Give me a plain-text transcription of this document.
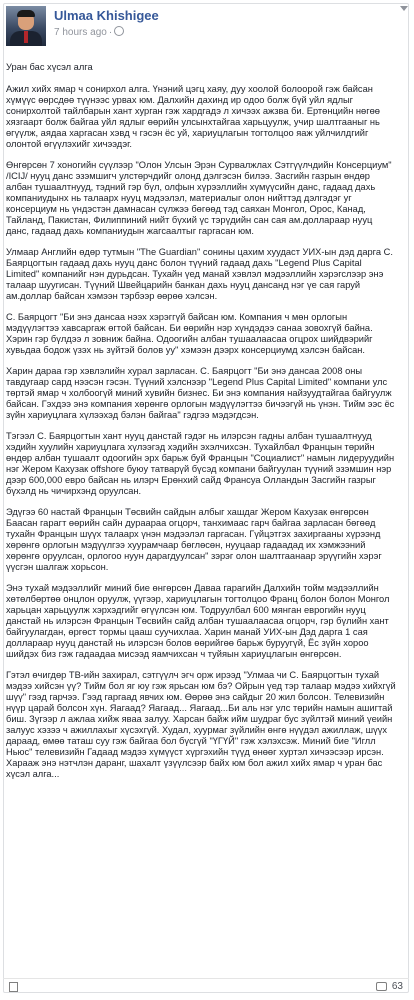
Ulmaa Khishigee
7 hours ago ·

Уран бас хүсэл алга

Ажил хийх ямар ч сонирхол алга. Үнэний цэгц хаяу, дуу хоолой болоорой гэж байсан хүмүүс өөрсдөө түүнээс урвах юм. Далхийн дахинд ир одоо болж бүй уйл ядлыг сонирхолтой тайлбарын хант хурган гэж хардгадэ л хичээх ажзва би. Ертөнцийн нөгөө хязгаарт болж байгаа уйл ядлыг өөрийн улсынхтайгаа харьцуулж, учир шалтгааныг нь өгүүлж, аядаа харгасан хэвд ч гэсэн ёс уй, хариуцлагын тогтолцоо яаж уйлчилдгийг олонтой өгүүлэхийг хичээдэг.

Өнгөрсөн 7 хоногийн сүүлээр "Олон Улсын Эрэн Сурвалжлах Сэтгүүлчдийн Консерциум" /ICIJ/ нууц данс эзэмшигч улстөрчдийг олонд дэлгэсэн билээ. Засгийн газрын өндөр албан тушаалтнууд, тэдний гэр бүл, олфын хүрээллийн хүмүүсийн данс, гадаад дахь компаниудынх нь талаарх нууц мэдээлэл, материалыг олон нийттэд дэлгэдэг уг консерциум нь үндэстэн дамнасан сүлжээ бөгөөд тэд саяхан Монгол, Орос, Канад, Тайланд, Пакистан, Филиппиний нийт бүхий үс тэрүдийн сан сая ам.доллараар нууц данс, гадаад дахь компаниудын жагсаалтыг гаргасан юм.

Улмаар Английн өдөр тутмын "The Guardian" сонины цахим хуудаст УИХ-ын дэд дарга С. Баярцогтын гадаад дахь нууц данс болон түүний гадаад дахь "Legend Plus Capital Limited" компанийг нэн дурьдсан. Тухайн үед манай хэвлэл мэдээллийн хэрэгслээр энэ талаар шуугисан. Түүний Швейцарийн банкан дахь нууц дансанд нэг үе сая гаруй ам.доллар байсан хэмээн тэрбээр өөрөө хэлсэн.

С. Баярцогт "Би энэ дансаа нээх хэрэггүй байсан юм. Компания ч мөн орлогын мэдүүлэгтээ хавсаргаж өгтой байсан. Би өөрийн нэр хүндэдээ санаа зовохгүй байна. Хэрин гэр бүлдээ л зовниж байна. Одоогийн албан тушаалаасаа огцрох шийдвэрийг хувьдаа бодож үзэх нь зүйтэй болов уу" хэмээн дээрх консерциумд хэлсэн байсан.

Харин дараа гэр хэвлэлийн хурал зарласан. С. Баярцогт "Би энэ дансаа 2008 оны тавдугаар сард нээсэн гэсэн. Түүний хэлснээр "Legend Plus Capital Limited" компани улс төртэй ямар ч холбоогүй миний хувийн бизнес. Би энэ компания найзуудтайгаа байгуулж байсан. Гэхдээ энэ компания хөрөнгө орлогын мэдүүлэгтээ бичээгүй нь үнэн. Тийм ээс ёс зүйн хариуцлага хүлээхэд бэлэн байгаа" гэдгээ мэдэгдсэн.

Тэгээл С. Баярцогтын хант нууц данстай гэдэг нь илэрсэн гадны албан тушаалтнууд хэдийн хуулийн хариуцлага хүлээгэд хэдийн эхэлчихсэн. Тухайлбал Францын төрийн өндөр албан тушаалт одоогийн эрх барьж буй Францын "Социалист" намын лидеруудийн нэг Жером Кахузак offshore буюу татварүй бүсэд компани байгуулан түүний эзэмшин нэр дээр 600,000 евро байсан нь илэрч Ерөнхий сайд Франсуа Олландын Засгийн газрыг бүхэлд нь чичирхэнд оруулсан.

Эдүгээ 60 настай Францын Төсвийн сайдын албыг хашдаг Жером Кахузак өнгөрсөн Баасан гарагт өөрийн сайн дураараа огцорч, танхимаас гарч байгаа зарласан бөгөөд тухайн Францын шүүх талаарх үнэн мэдээлэл гаргасан. Гүйцэтгэх захиргааны хүрээнд хөрөнгө орлогын мэдүүлгээ хуурамчаар бөглөсөн, нууцаар гадаадад их хэмжээний хөрөнгө оруулсан, орлогоо нуун дарагдуулсан" зэрэг олон шалтгаанаар эрүүгийн хэрэг үүсгэн шалгаж хорьсон.

Энэ тухай мэдээллийг миний бие өнгөрсөн Даваа гарагийн Далхийн тойм мэдээллийн хөтөлбөртөө онцлон оруулж, үүгээр, хариуцлагын тогтолцоо Франц болон болон Монгол харьцан харьцуулж хэрхэдгийг өгүүлсэн юм. Тодруулбал 600 мянган еврогийн нууц данстай нь илэрсэн Францын Төсвийн сайд албан тушаалаасаа огцорч, гэр бүлийн хант байгуулагдан, өргөст тормы цааш суучихлаа. Харин манай УИХ-ын Дэд дарга 1 сая доллараар нууц данстай нь илэрсэн болов өөрийгөө барьж буруугүй, Ёс зүйн хороо шийдэх биз гэж гадаадаа мисээд яамчихсан ч туйяын хариуцлагын өнгөрсөн.

Гэтэл өчигдөр ТВ-ийн захирал, сэтгүүлч эгч орж ирээд "Улмаа чи С. Баярцогтын тухай мэдээ хийсэн үү? Тийм бол яг юу гэж ярьсан юм бэ? Ойрын үед тэр талаар мэдээ хийхгүй шүү" гээд гарчээ. Гээд гаргаад явчих юм. Өөрөө энэ сайдыг 20 жил болсон. Телевизийн нүүр царай болсон хүн. Яагаад? Яагаад... Яагаад...Би аль нэг улс төрийн намын ашигтай биш. Зүгээр л ажлаа хийж яваа залуу. Харсан байж ийм шудраг бус зүйлтэй миний үеийн залуус хэзээ ч ажиллахыг хүсэхгүй. Худал, хуурмаг зүйлийн өнгө нүүдэл ажиллаж, шүүх дараад, өмөө таташ суу гэж байгаа бол бүсгүй "ҮГҮЙ" гэж хэлэхсэж. Миний бие "Иглл Ньюс" телевизийн Гадаад мэдээ хүмүүст хүргэхийн түүд өнөөг хуртэл хичээсээр ирсэн. Харааж энэ нэтчлэн даранг, шахалт үзүүлсээр байх юм бол ажил хийх ямар ч уран бас хүсэл алга...

63
